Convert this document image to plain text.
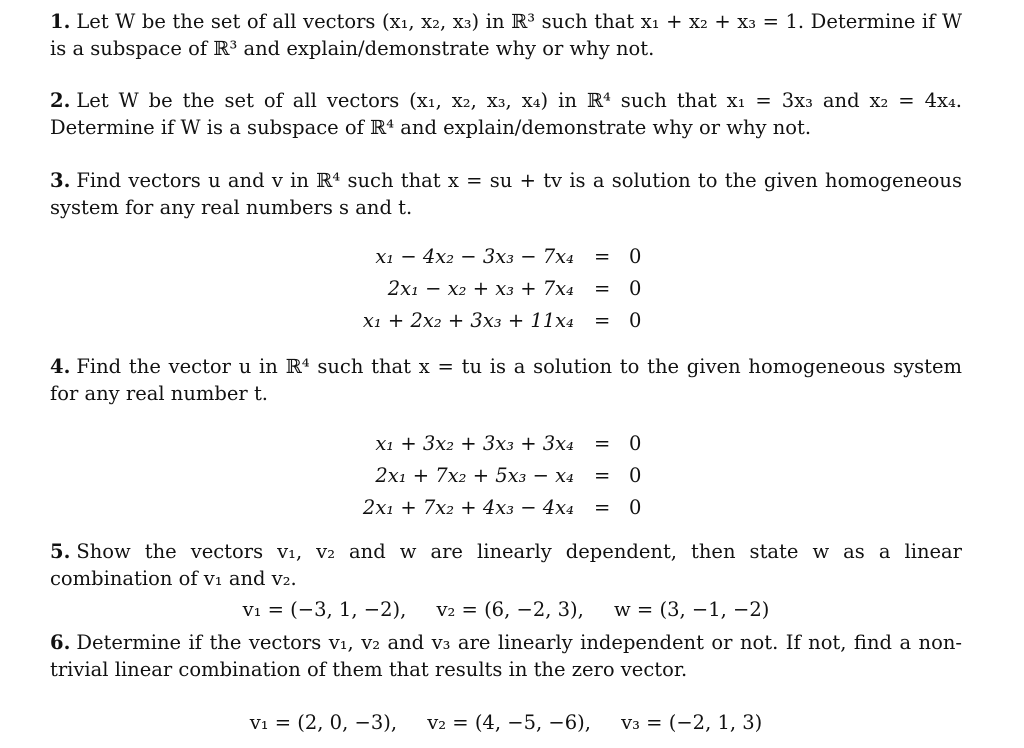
1. Let W be the set of all vectors (x₁, x₂, x₃) in ℝ³ such that x₁ + x₂ + x₃ = 1. Determine if W is a subspace of ℝ³ and explain/demonstrate why or why not.

2. Let W be the set of all vectors (x₁, x₂, x₃, x₄) in ℝ⁴ such that x₁ = 3x₃ and x₂ = 4x₄. Determine if W is a subspace of ℝ⁴ and explain/demonstrate why or why not.

3. Find vectors u and v in ℝ⁴ such that x = su + tv is a solution to the given homogeneous system for any real numbers s and t.

x₁ − 4x₂ − 3x₃ − 7x₄ = 0
2x₁ − x₂ + x₃ + 7x₄ = 0
x₁ + 2x₂ + 3x₃ + 11x₄ = 0

4. Find the vector u in ℝ⁴ such that x = tu is a solution to the given homogeneous system for any real number t.

x₁ + 3x₂ + 3x₃ + 3x₄ = 0
2x₁ + 7x₂ + 5x₃ − x₄ = 0
2x₁ + 7x₂ + 4x₃ − 4x₄ = 0

5. Show the vectors v₁, v₂ and w are linearly dependent, then state w as a linear combination of v₁ and v₂.

v₁ = (−3, 1, −2), v₂ = (6, −2, 3), w = (3, −1, −2)

6. Determine if the vectors v₁, v₂ and v₃ are linearly independent or not. If not, find a non-trivial linear combination of them that results in the zero vector.

v₁ = (2, 0, −3), v₂ = (4, −5, −6), v₃ = (−2, 1, 3)
